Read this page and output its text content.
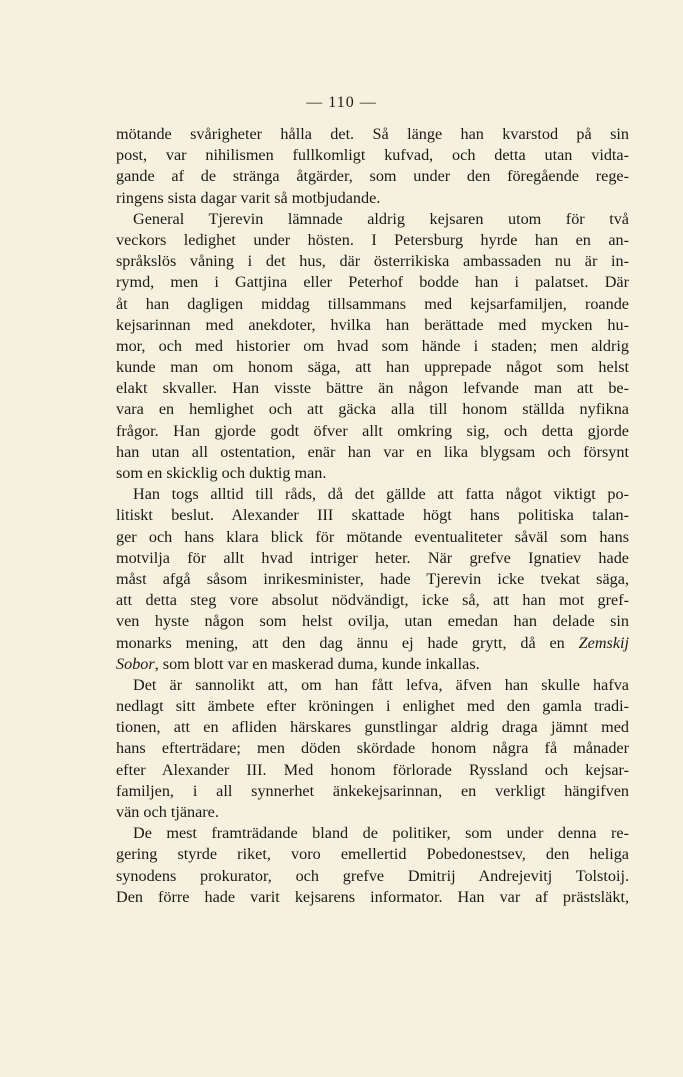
— 110 —
mötande svårigheter hålla det. Så länge han kvarstod på sin
post, var nihilismen fullkomligt kufvad, och detta utan vidta-
gande af de stränga åtgärder, som under den föregående rege-
ringens sista dagar varit så motbjudande.
General Tjerevin lämnade aldrig kejsaren utom för två
veckors ledighet under hösten. I Petersburg hyrde han en an-
språkslös våning i det hus, där österrikiska ambassaden nu är in-
rymd, men i Gattjina eller Peterhof bodde han i palatset. Där
åt han dagligen middag tillsammans med kejsarfamiljen, roande
kejsarinnan med anekdoter, hvilka han berättade med mycken hu-
mor, och med historier om hvad som hände i staden; men aldrig
kunde man om honom säga, att han upprepade något som helst
elakt skvaller. Han visste bättre än någon lefvande man att be-
vara en hemlighet och att gäcka alla till honom ställda nyfikna
frågor. Han gjorde godt öfver allt omkring sig, och detta gjorde
han utan all ostentation, enär han var en lika blygsam och försynt
som en skicklig och duktig man.
Han togs alltid till råds, då det gällde att fatta något viktigt po-
litiskt beslut. Alexander III skattade högt hans politiska talan-
ger och hans klara blick för mötande eventualiteter såväl som hans
motvilja för allt hvad intriger heter. När grefve Ignatiev hade
måst afgå såsom inrikesminister, hade Tjerevin icke tvekat säga,
att detta steg vore absolut nödvändigt, icke så, att han mot gref-
ven hyste någon som helst ovilja, utan emedan han delade sin
monarks mening, att den dag ännu ej hade grytt, då en Zemskij
Sobor, som blott var en maskerad duma, kunde inkallas.
Det är sannolikt att, om han fått lefva, äfven han skulle hafva
nedlagt sitt ämbete efter kröningen i enlighet med den gamla tradi-
tionen, att en afliden härskares gunstlingar aldrig draga jämnt med
hans efterträdare; men döden skördade honom några få månader
efter Alexander III. Med honom förlorade Ryssland och kejsar-
familjen, i all synnerhet änkekejsarinnan, en verkligt hängifven
vän och tjänare.
De mest framträdande bland de politiker, som under denna re-
gering styrde riket, voro emellertid Pobedonestsev, den heliga
synodens prokurator, och grefve Dmitrij Andrejevitj Tolstoij.
Den förre hade varit kejsarens informator. Han var af prästsläkt,
